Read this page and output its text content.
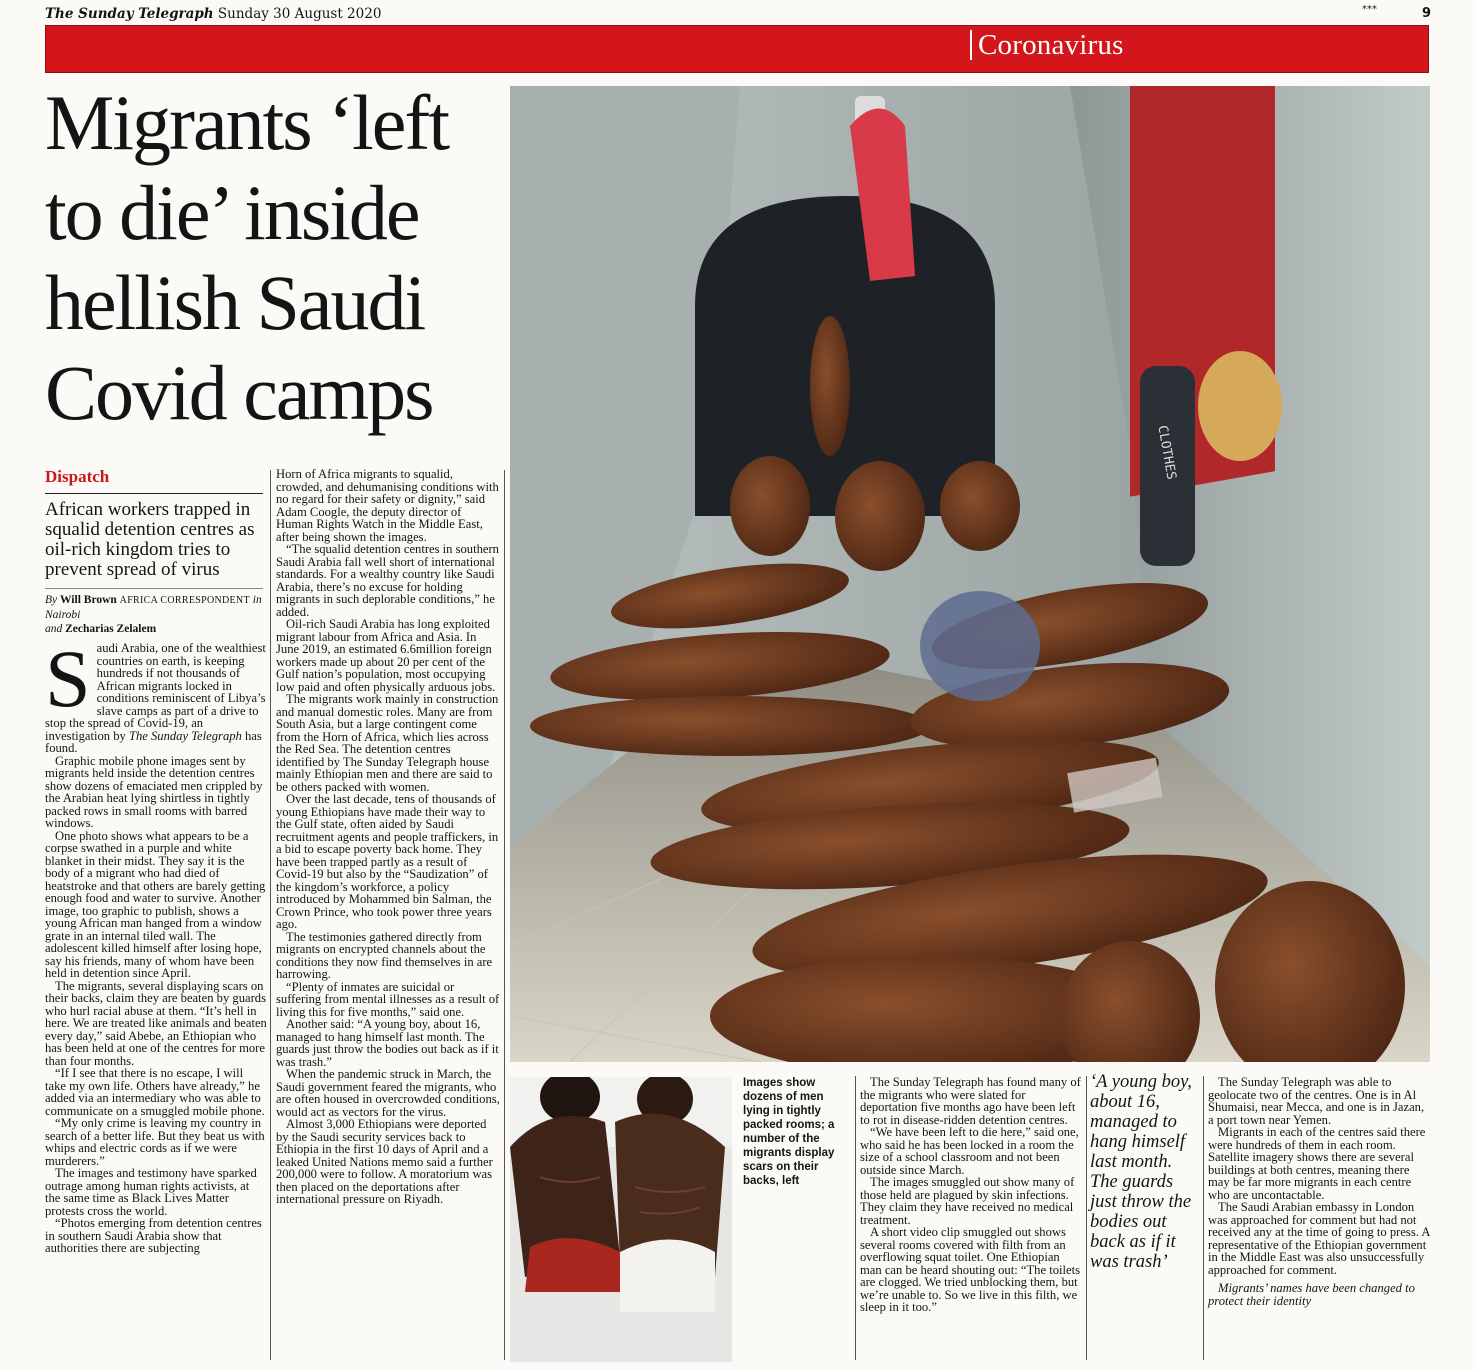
The Sunday Telegraph Sunday 30 August 2020	***	9
Coronavirus
Migrants ‘left
to die’ inside
hellish Saudi
Covid camps
CLOTHES
Dispatch
African workers trapped in squalid detention centres as oil-rich kingdom tries to prevent spread of virus
By Will Brown AFRICA CORRESPONDENT in Nairobi
and Zecharias Zelalem

Saudi Arabia, one of the wealthiest countries on earth, is keeping hundreds if not thousands of African migrants locked in conditions reminiscent of Libya’s slave camps as part of a drive to stop the spread of Covid-19, an investigation by The Sunday Telegraph has found.

Graphic mobile phone images sent by migrants held inside the detention centres show dozens of emaciated men crippled by the Arabian heat lying shirtless in tightly packed rows in small rooms with barred windows.

One photo shows what appears to be a corpse swathed in a purple and white blanket in their midst. They say it is the body of a migrant who had died of heatstroke and that others are barely getting enough food and water to survive. Another image, too graphic to publish, shows a young African man hanged from a window grate in an internal tiled wall. The adolescent killed himself after losing hope, say his friends, many of whom have been held in detention since April.

The migrants, several displaying scars on their backs, claim they are beaten by guards who hurl racial abuse at them. “It’s hell in here. We are treated like animals and beaten every day,” said Abebe, an Ethiopian who has been held at one of the centres for more than four months.

“If I see that there is no escape, I will take my own life. Others have already,” he added via an intermediary who was able to communicate on a smuggled mobile phone.

“My only crime is leaving my country in search of a better life. But they beat us with whips and electric cords as if we were murderers.”

The images and testimony have sparked outrage among human rights activists, at the same time as Black Lives Matter protests cross the world.

“Photos emerging from detention centres in southern Saudi Arabia show that authorities there are subjecting

Horn of Africa migrants to squalid, crowded, and dehumanising conditions with no regard for their safety or dignity,” said Adam Coogle, the deputy director of Human Rights Watch in the Middle East, after being shown the images.

“The squalid detention centres in southern Saudi Arabia fall well short of international standards. For a wealthy country like Saudi Arabia, there’s no excuse for holding migrants in such deplorable conditions,” he added.

Oil-rich Saudi Arabia has long exploited migrant labour from Africa and Asia. In June 2019, an estimated 6.6million foreign workers made up about 20 per cent of the Gulf nation’s population, most occupying low paid and often physically arduous jobs.

The migrants work mainly in construction and manual domestic roles. Many are from South Asia, but a large contingent come from the Horn of Africa, which lies across the Red Sea. The detention centres identified by The Sunday Telegraph house mainly Ethiopian men and there are said to be others packed with women.

Over the last decade, tens of thousands of young Ethiopians have made their way to the Gulf state, often aided by Saudi recruitment agents and people traffickers, in a bid to escape poverty back home. They have been trapped partly as a result of Covid-19 but also by the “Saudization” of the kingdom’s workforce, a policy introduced by Mohammed bin Salman, the Crown Prince, who took power three years ago.

The testimonies gathered directly from migrants on encrypted channels about the conditions they now find themselves in are harrowing.

“Plenty of inmates are suicidal or suffering from mental illnesses as a result of living this for five months,” said one.

Another said: “A young boy, about 16, managed to hang himself last month. The guards just throw the bodies out back as if it was trash.”

When the pandemic struck in March, the Saudi government feared the migrants, who are often housed in overcrowded conditions, would act as vectors for the virus.

Almost 3,000 Ethiopians were deported by the Saudi security services back to Ethiopia in the first 10 days of April and a leaked United Nations memo said a further 200,000 were to follow. A moratorium was then placed on the deportations after international pressure on Riyadh.

Images show dozens of men lying in tightly packed rooms; a number of the migrants display scars on their backs, left

The Sunday Telegraph has found many of the migrants who were slated for deportation five months ago have been left to rot in disease-ridden detention centres.

“We have been left to die here,” said one, who said he has been locked in a room the size of a school classroom and not been outside since March.

The images smuggled out show many of those held are plagued by skin infections. They claim they have received no medical treatment.

A short video clip smuggled out shows several rooms covered with filth from an overflowing squat toilet. One Ethiopian man can be heard shouting out: “The toilets are clogged. We tried unblocking them, but we’re unable to. So we live in this filth, we sleep in it too.”

‘A young boy, about 16, managed to hang himself last month. The guards just throw the bodies out back as if it was trash’

The Sunday Telegraph was able to geolocate two of the centres. One is in Al Shumaisi, near Mecca, and one is in Jazan, a port town near Yemen.

Migrants in each of the centres said there were hundreds of them in each room. Satellite imagery shows there are several buildings at both centres, meaning there may be far more migrants in each centre who are uncontactable.

The Saudi Arabian embassy in London was approached for comment but had not received any at the time of going to press. A representative of the Ethiopian government in the Middle East was also unsuccessfully approached for comment.

Migrants’ names have been changed to protect their identity
